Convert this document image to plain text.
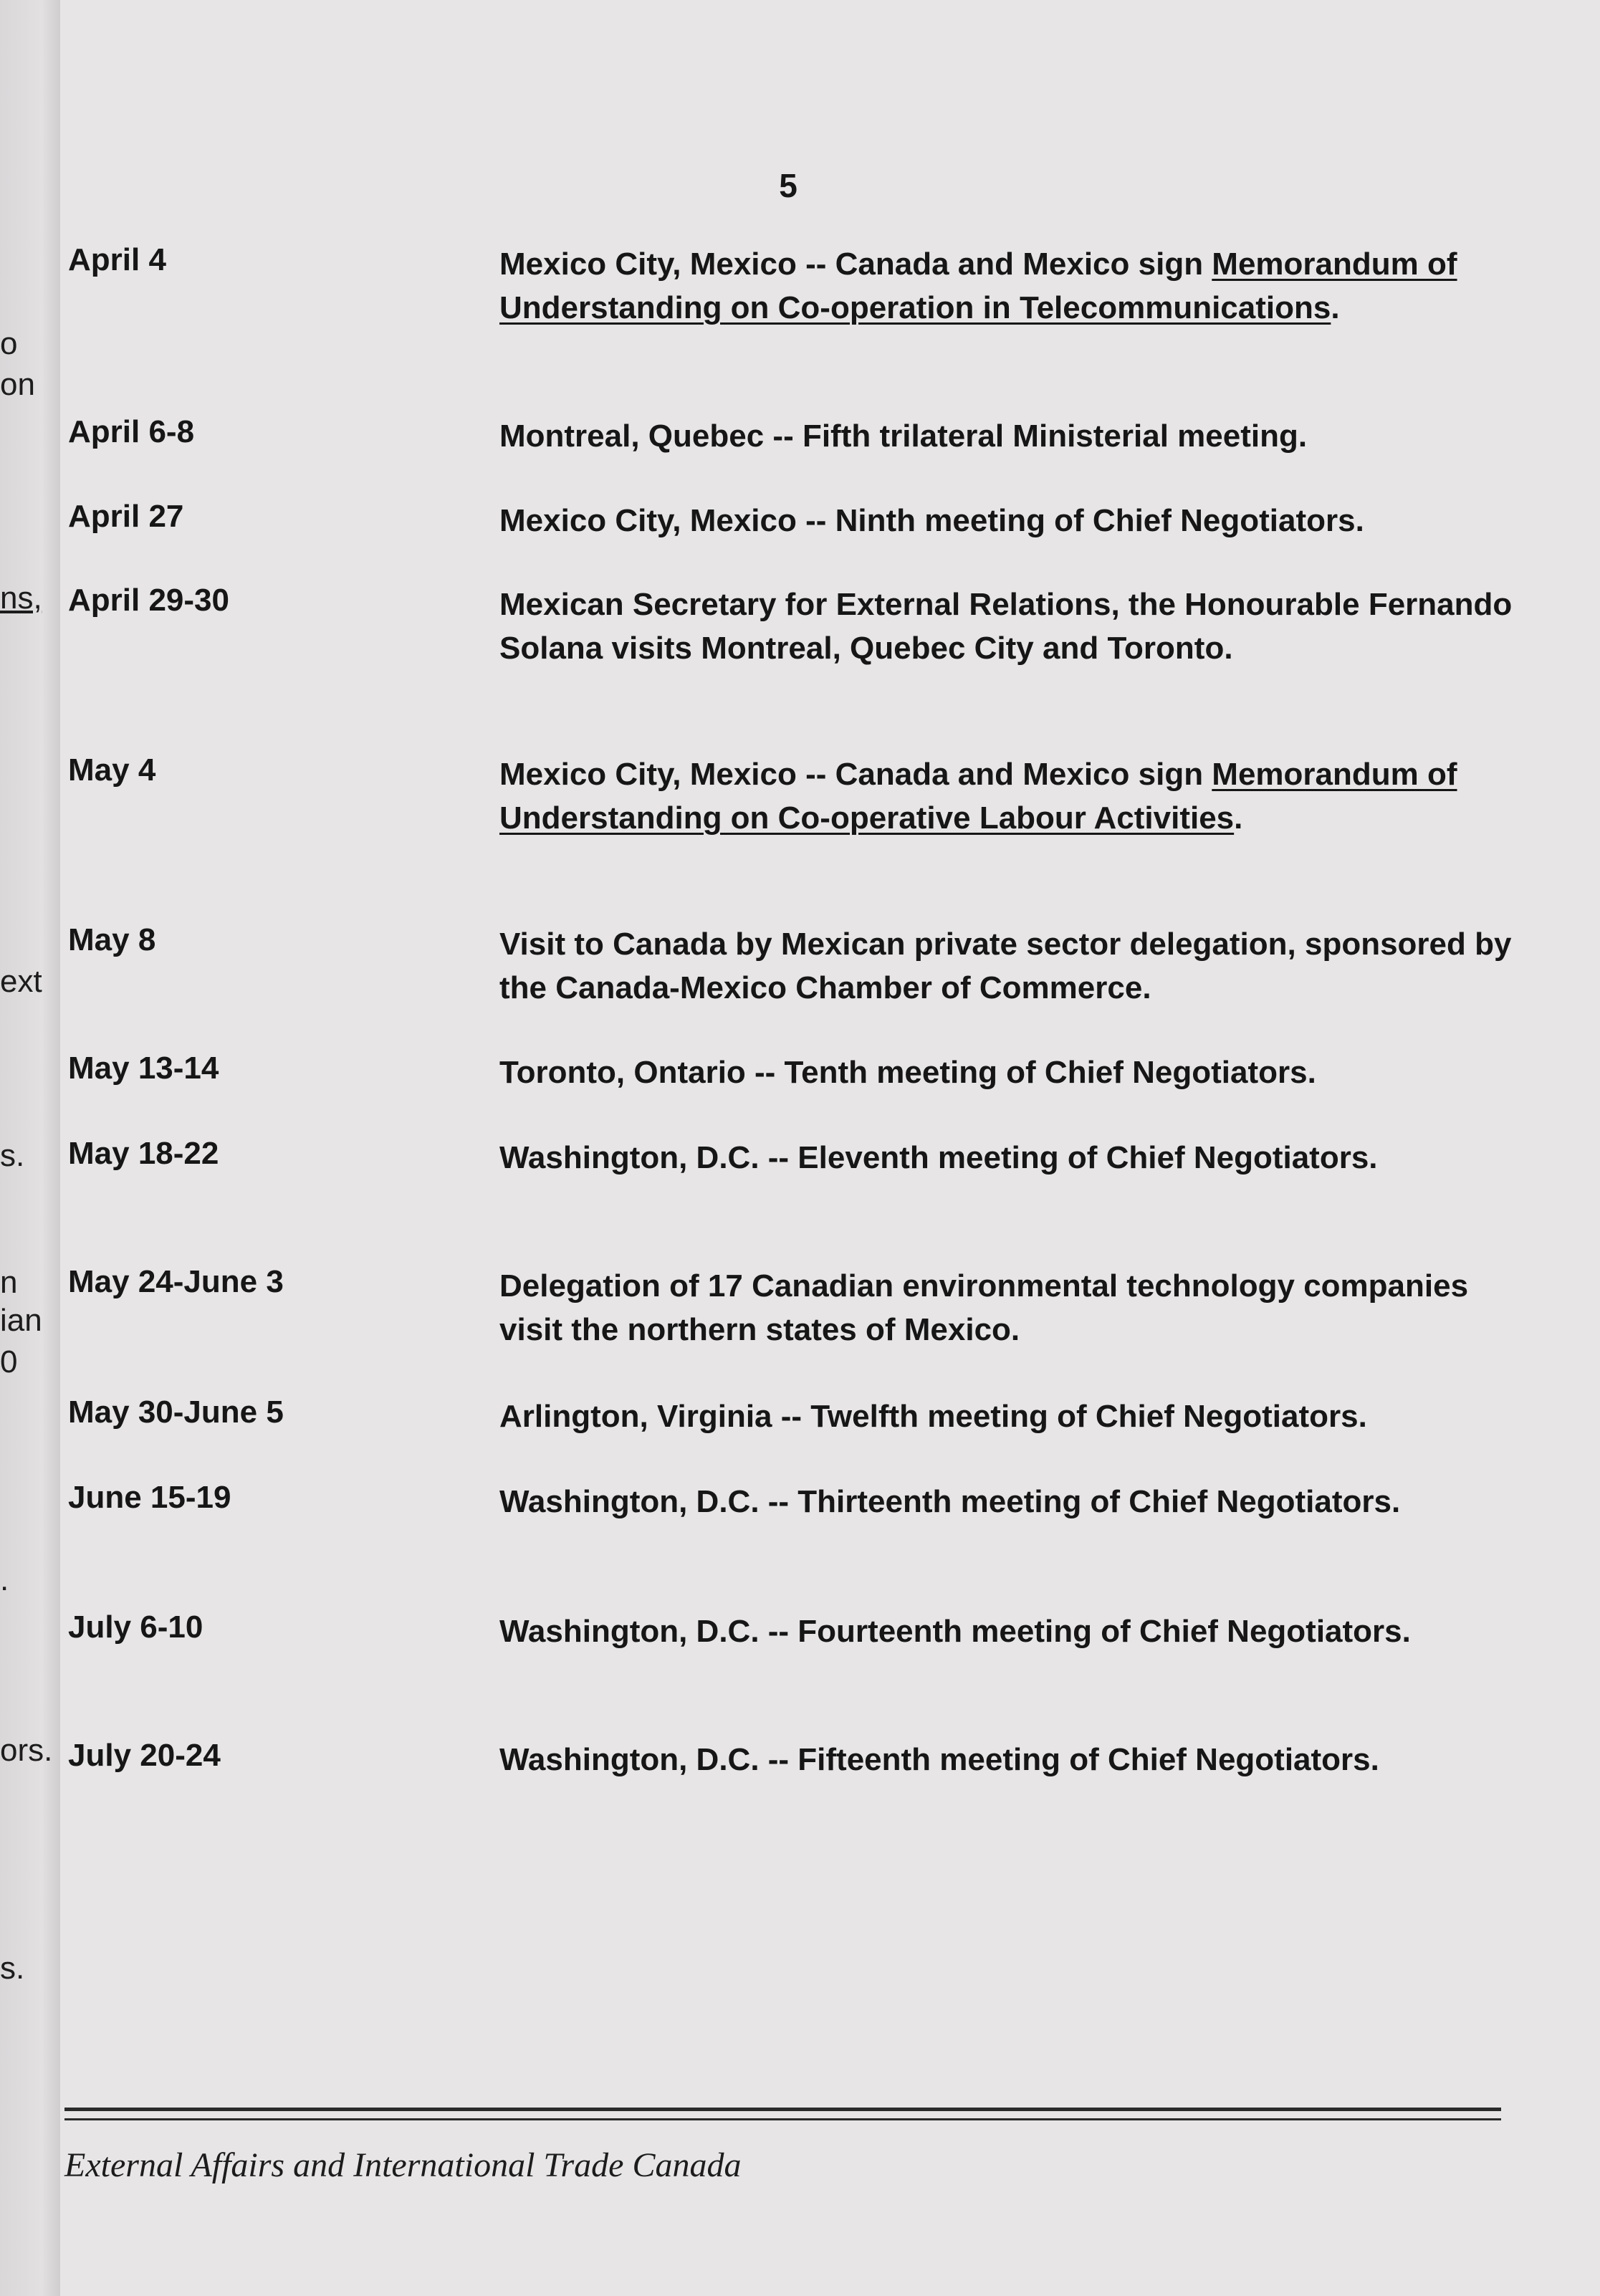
o
on
ns,
ext
s.
n
ian
0
.
ors.
s.
5
April 4	Mexico City, Mexico -- Canada and Mexico sign Memorandum of Understanding on Co-operation in Telecommunications.
April 6-8	Montreal, Quebec -- Fifth trilateral Ministerial meeting.
April 27	Mexico City, Mexico -- Ninth meeting of Chief Negotiators.
April 29-30	Mexican Secretary for External Relations, the Honourable Fernando Solana visits Montreal, Quebec City and Toronto.
May 4	Mexico City, Mexico -- Canada and Mexico sign Memorandum of Understanding on Co-operative Labour Activities.
May 8	Visit to Canada by Mexican private sector delegation, sponsored by the Canada-Mexico Chamber of Commerce.
May 13-14	Toronto, Ontario -- Tenth meeting of Chief Negotiators.
May 18-22	Washington, D.C. -- Eleventh meeting of Chief Negotiators.
May 24-June 3	Delegation of 17 Canadian environmental technology companies visit the northern states of Mexico.
May 30-June 5	Arlington, Virginia -- Twelfth meeting of Chief Negotiators.
June 15-19	Washington, D.C. -- Thirteenth meeting of Chief Negotiators.
July 6-10	Washington, D.C. -- Fourteenth meeting of Chief Negotiators.
July 20-24	Washington, D.C. -- Fifteenth meeting of Chief Negotiators.
External Affairs and International Trade Canada
